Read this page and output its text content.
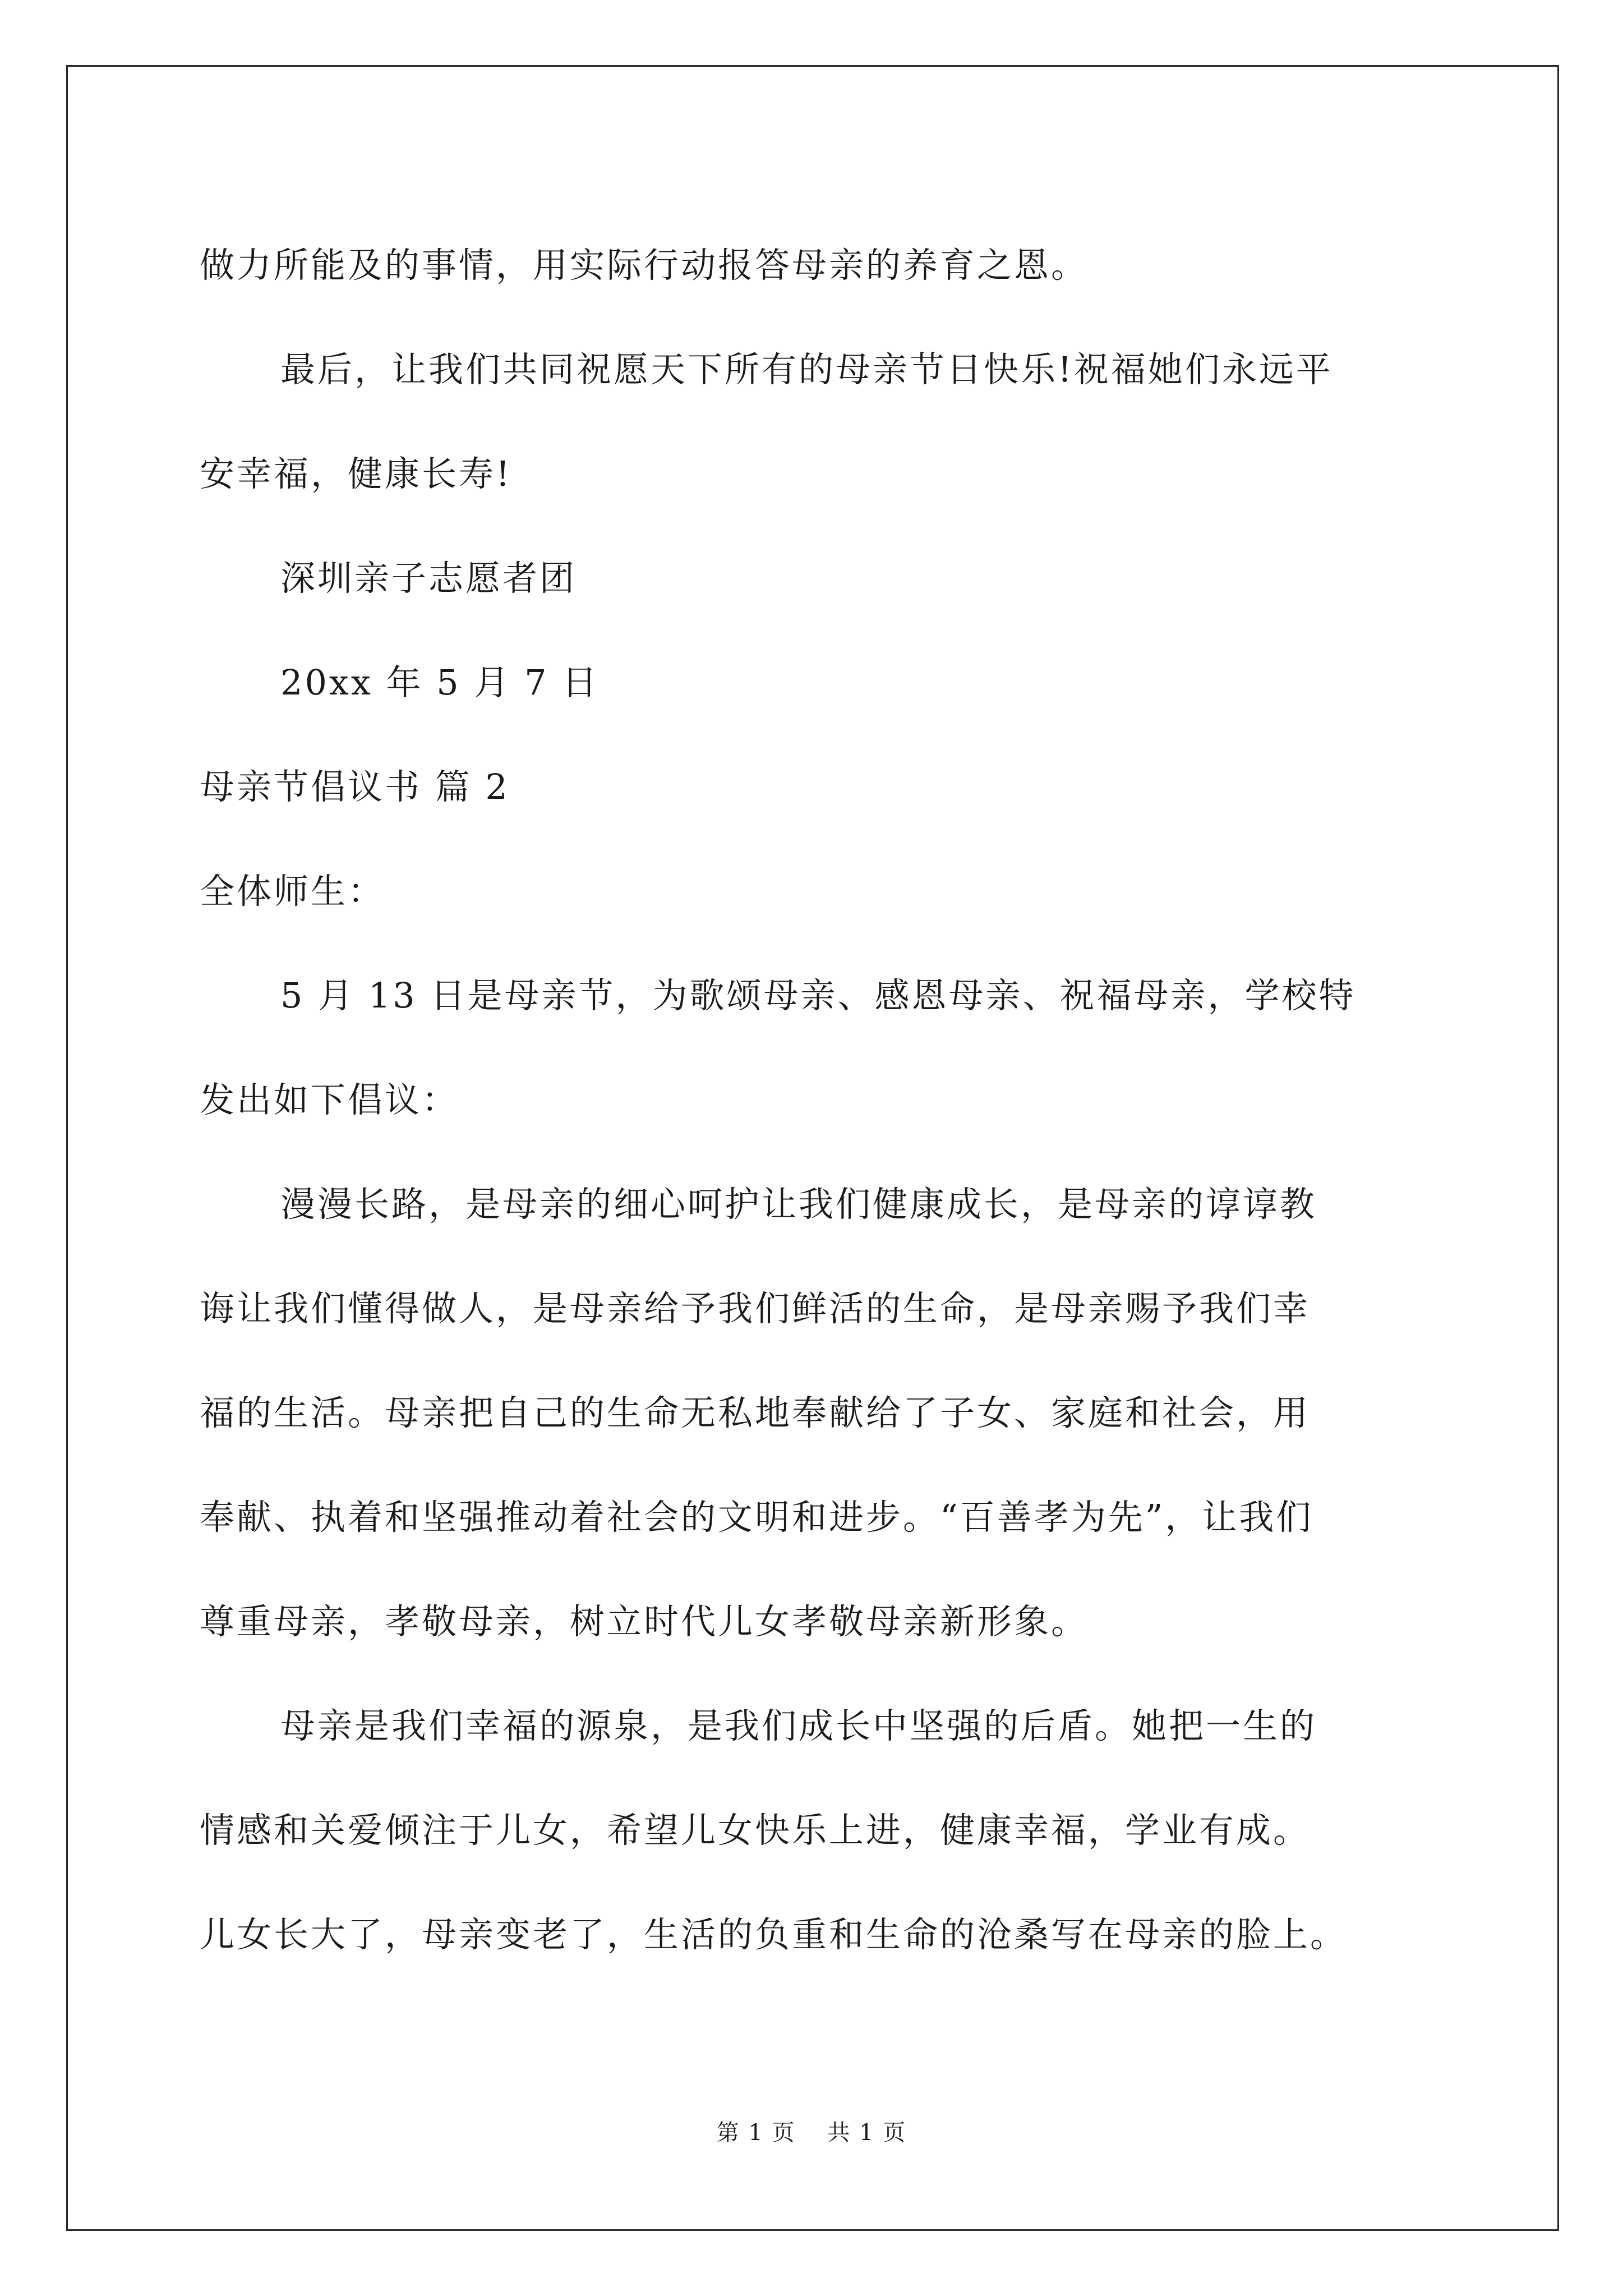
做力所能及的事情，用实际行动报答母亲的养育之恩。
最后，让我们共同祝愿天下所有的母亲节日快乐!祝福她们永远平
安幸福，健康长寿!
深圳亲子志愿者团
20xx 年 5 月 7 日
母亲节倡议书 篇 2
全体师生：
5 月 13 日是母亲节，为歌颂母亲、感恩母亲、祝福母亲，学校特
发出如下倡议：
漫漫长路，是母亲的细心呵护让我们健康成长，是母亲的谆谆教
诲让我们懂得做人，是母亲给予我们鲜活的生命，是母亲赐予我们幸
福的生活。母亲把自己的生命无私地奉献给了子女、家庭和社会，用
奉献、执着和坚强推动着社会的文明和进步。“百善孝为先”，让我们
尊重母亲，孝敬母亲，树立时代儿女孝敬母亲新形象。
母亲是我们幸福的源泉，是我们成长中坚强的后盾。她把一生的
情感和关爱倾注于儿女，希望儿女快乐上进，健康幸福，学业有成。
儿女长大了，母亲变老了，生活的负重和生命的沧桑写在母亲的脸上。
第 1 页 共 1 页
